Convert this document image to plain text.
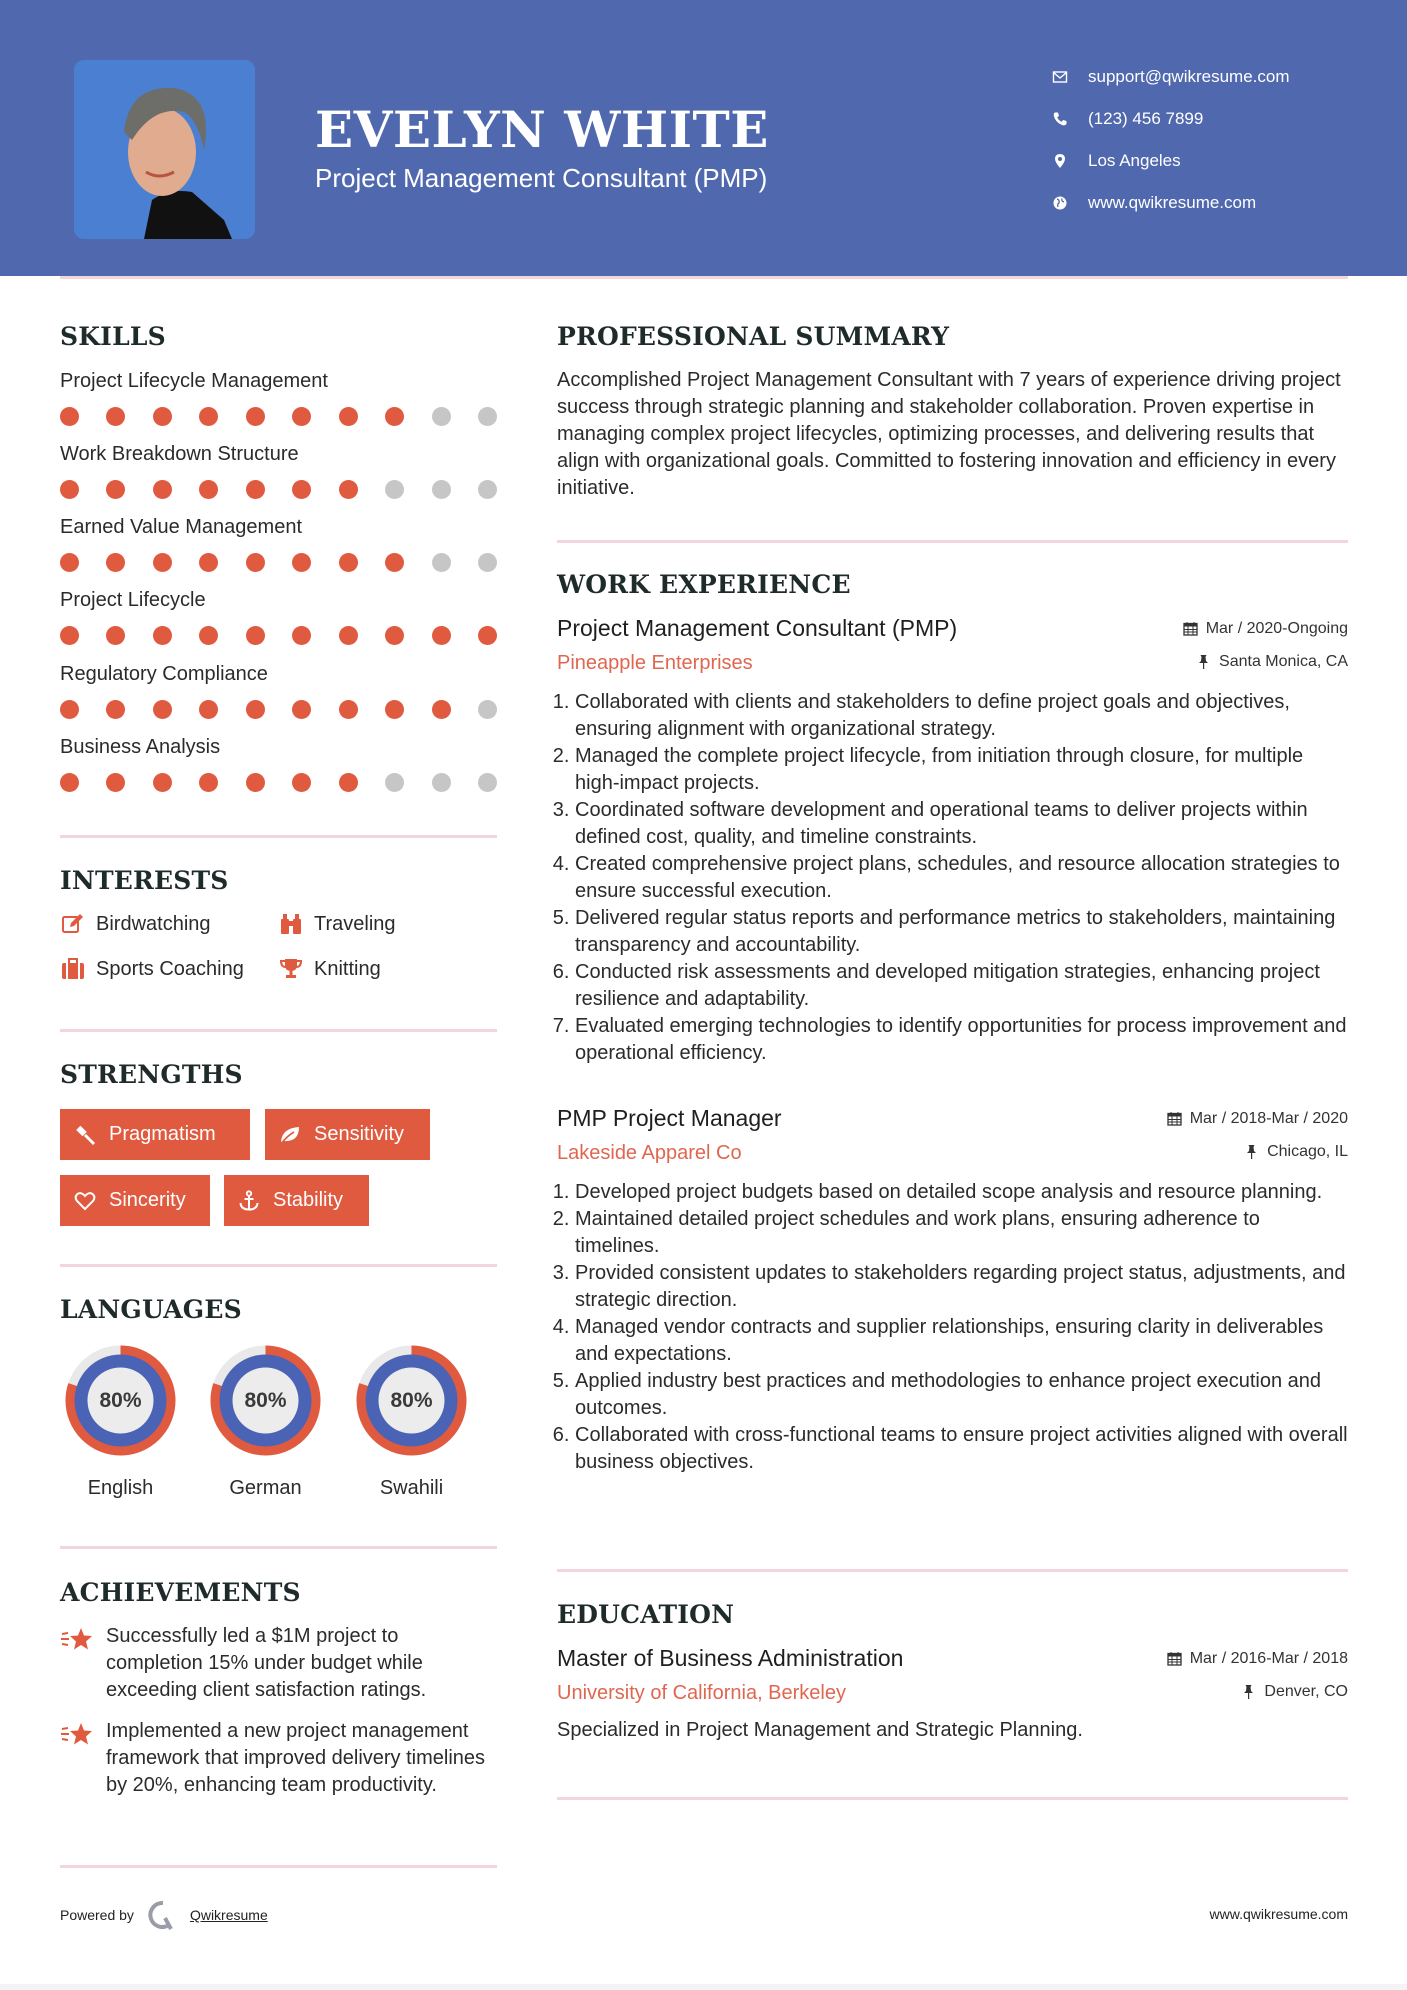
EVELYN WHITE
Project Management Consultant (PMP)
support@qwikresume.com
(123) 456 7899
Los Angeles
www.qwikresume.com
SKILLS
Project Lifecycle Management
Work Breakdown Structure
Earned Value Management
Project Lifecycle
Regulatory Compliance
Business Analysis
INTERESTS
Birdwatching	Traveling
Sports Coaching	Knitting
STRENGTHS
Pragmatism	Sensitivity
Sincerity	Stability
LANGUAGES
80%
English
80%
German
80%
Swahili
ACHIEVEMENTS
Successfully led a $1M project to completion 15% under budget while exceeding client satisfaction ratings.
Implemented a new project management framework that improved delivery timelines by 20%, enhancing team productivity.
PROFESSIONAL SUMMARY
Accomplished Project Management Consultant with 7 years of experience driving project success through strategic planning and stakeholder collaboration. Proven expertise in managing complex project lifecycles, optimizing processes, and delivering results that align with organizational goals. Committed to fostering innovation and efficiency in every initiative.
WORK EXPERIENCE
Project Management Consultant (PMP)	Mar / 2020-Ongoing
Pineapple Enterprises	Santa Monica, CA
1. Collaborated with clients and stakeholders to define project goals and objectives, ensuring alignment with organizational strategy.
2. Managed the complete project lifecycle, from initiation through closure, for multiple high-impact projects.
3. Coordinated software development and operational teams to deliver projects within defined cost, quality, and timeline constraints.
4. Created comprehensive project plans, schedules, and resource allocation strategies to ensure successful execution.
5. Delivered regular status reports and performance metrics to stakeholders, maintaining transparency and accountability.
6. Conducted risk assessments and developed mitigation strategies, enhancing project resilience and adaptability.
7. Evaluated emerging technologies to identify opportunities for process improvement and operational efficiency.
PMP Project Manager	Mar / 2018-Mar / 2020
Lakeside Apparel Co	Chicago, IL
1. Developed project budgets based on detailed scope analysis and resource planning.
2. Maintained detailed project schedules and work plans, ensuring adherence to timelines.
3. Provided consistent updates to stakeholders regarding project status, adjustments, and strategic direction.
4. Managed vendor contracts and supplier relationships, ensuring clarity in deliverables and expectations.
5. Applied industry best practices and methodologies to enhance project execution and outcomes.
6. Collaborated with cross-functional teams to ensure project activities aligned with overall business objectives.
EDUCATION
Master of Business Administration	Mar / 2016-Mar / 2018
University of California, Berkeley	Denver, CO
Specialized in Project Management and Strategic Planning.
Powered by	Qwikresume	www.qwikresume.com
